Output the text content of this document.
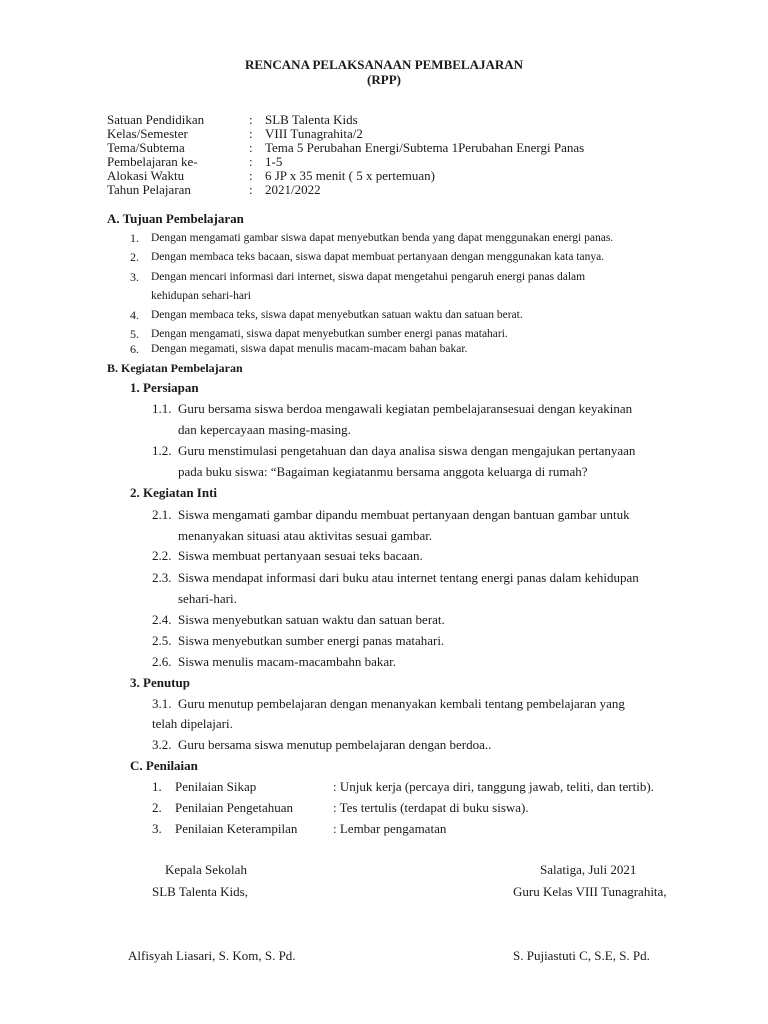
RENCANA PELAKSANAAN PEMBELAJARAN
(RPP)
Satuan Pendidikan	: SLB Talenta Kids
Kelas/Semester	: VIII Tunagrahita/2
Tema/Subtema	: Tema 5 Perubahan Energi/Subtema 1Perubahan Energi Panas
Pembelajaran ke-	: 1-5
Alokasi Waktu	: 6 JP x 35 menit ( 5 x pertemuan)
Tahun Pelajaran	: 2021/2022
A. Tujuan Pembelajaran
1. Dengan mengamati gambar siswa dapat menyebutkan benda yang dapat menggunakan energi panas.
2. Dengan membaca teks bacaan, siswa dapat membuat pertanyaan dengan menggunakan kata tanya.
3. Dengan mencari informasi dari internet, siswa dapat mengetahui pengaruh energi panas dalam
kehidupan sehari-hari
4. Dengan membaca teks, siswa dapat menyebutkan satuan waktu dan satuan berat.
5. Dengan mengamati, siswa dapat menyebutkan sumber energi panas matahari.
6. Dengan megamati, siswa dapat menulis macam-macam bahan bakar.
B. Kegiatan Pembelajaran
1. Persiapan
1.1. Guru bersama siswa berdoa mengawali kegiatan pembelajaransesuai dengan keyakinan
dan kepercayaan masing-masing.
1.2. Guru menstimulasi pengetahuan dan daya analisa siswa dengan mengajukan pertanyaan
pada buku siswa: “Bagaiman kegiatanmu bersama anggota keluarga di rumah?
2. Kegiatan Inti
2.1. Siswa mengamati gambar dipandu membuat pertanyaan dengan bantuan gambar untuk
menanyakan situasi atau aktivitas sesuai gambar.
2.2. Siswa membuat pertanyaan sesuai teks bacaan.
2.3. Siswa mendapat informasi dari buku atau internet tentang energi panas dalam kehidupan
sehari-hari.
2.4. Siswa menyebutkan satuan waktu dan satuan berat.
2.5. Siswa menyebutkan sumber energi panas matahari.
2.6. Siswa menulis macam-macambahn bakar.
3. Penutup
3.1. Guru menutup pembelajaran dengan menanyakan kembali tentang pembelajaran yang
telah dipelajari.
3.2. Guru bersama siswa menutup pembelajaran dengan berdoa..
C. Penilaian
1. Penilaian Sikap	: Unjuk kerja (percaya diri, tanggung jawab, teliti, dan tertib).
2. Penilaian Pengetahuan	: Tes tertulis (terdapat di buku siswa).
3. Penilaian Keterampilan	: Lembar pengamatan
Kepala Sekolah
SLB Talenta Kids,
Alfisyah Liasari, S. Kom, S. Pd.
Salatiga, Juli 2021
Guru Kelas VIII Tunagrahita,
S. Pujiastuti C, S.E, S. Pd.
